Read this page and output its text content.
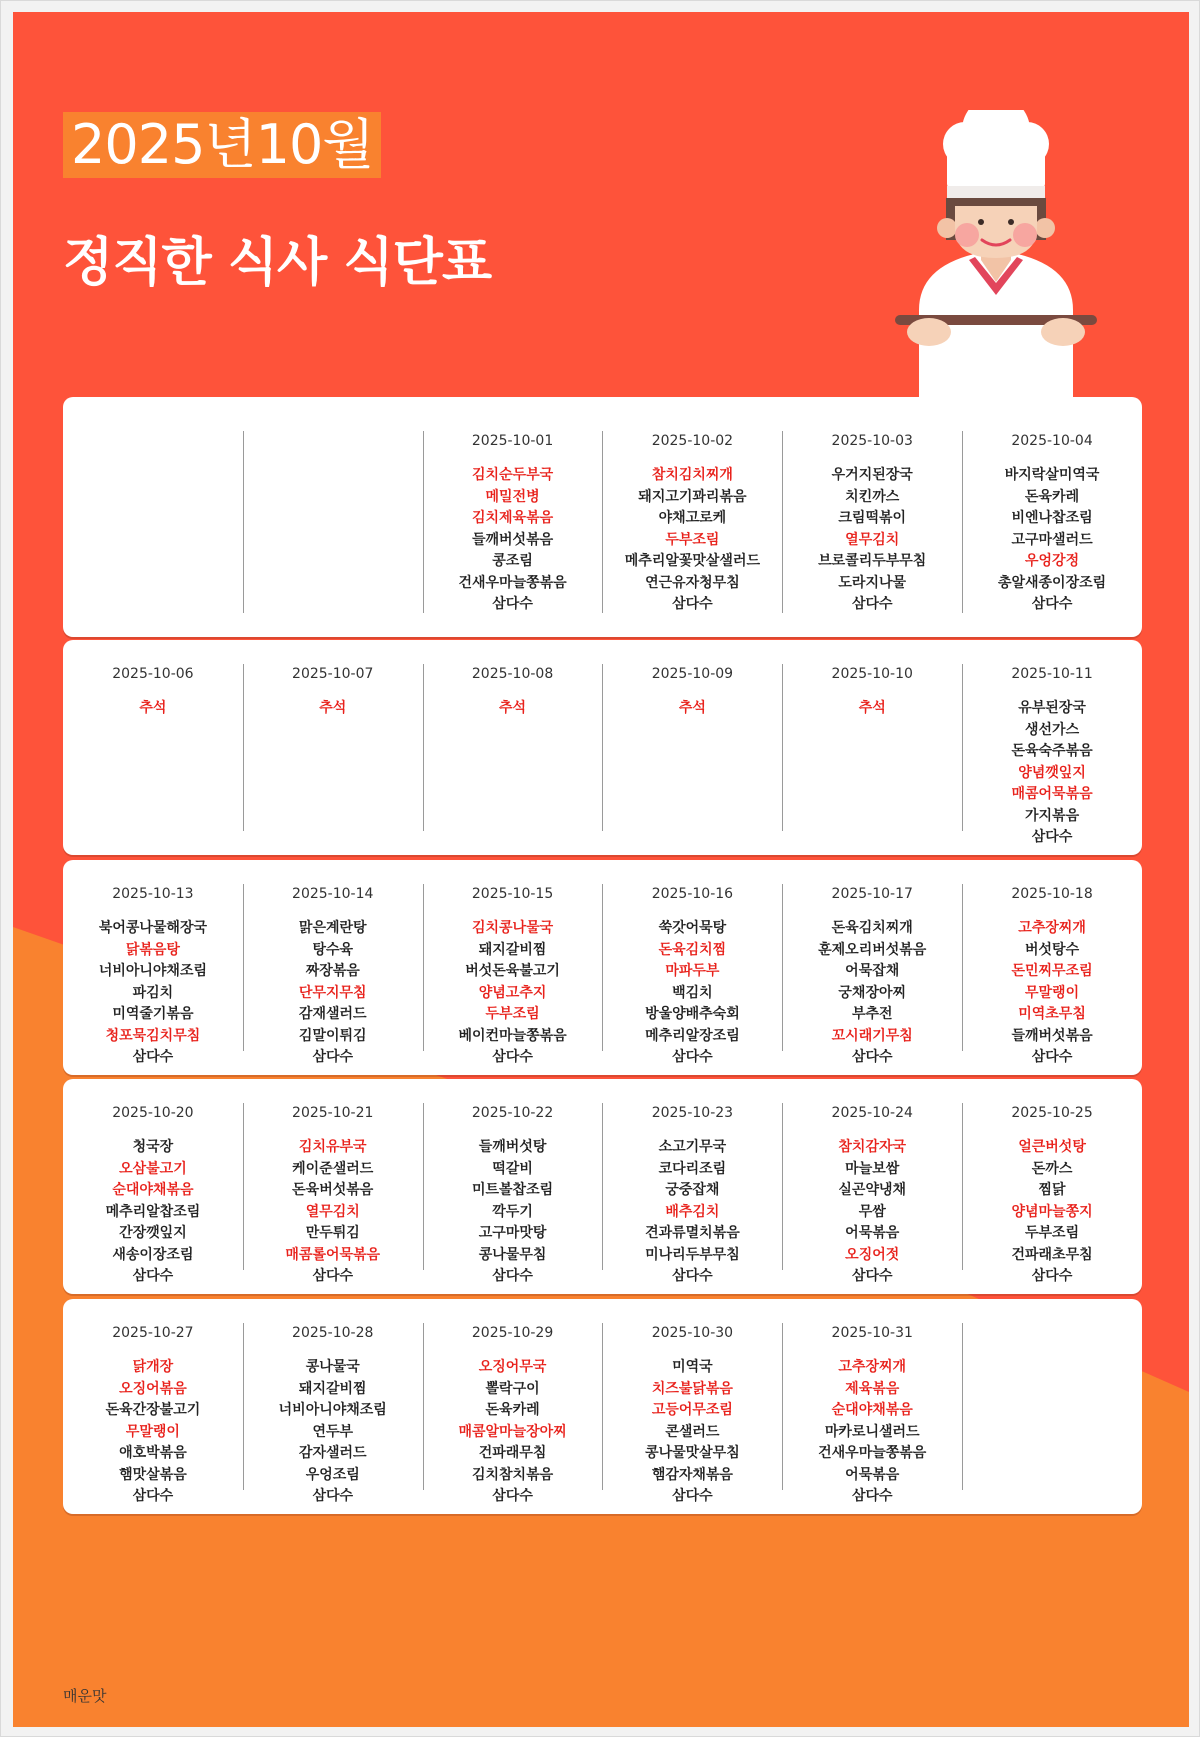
2025년10월
정직한 식사 식단표
2025-10-01
김치순두부국
메밀전병
김치제육볶음
들깨버섯볶음
콩조림
건새우마늘쫑볶음
삼다수
2025-10-02
참치김치찌개
돼지고기꽈리볶음
야채고로케
두부조림
메추리알꽃맛살샐러드
연근유자청무침
삼다수
2025-10-03
우거지된장국
치킨까스
크림떡볶이
열무김치
브로콜리두부무침
도라지나물
삼다수
2025-10-04
바지락살미역국
돈육카레
비엔나찹조림
고구마샐러드
우엉강정
총알새종이장조림
삼다수
2025-10-06
추석
2025-10-07
추석
2025-10-08
추석
2025-10-09
추석
2025-10-10
추석
2025-10-11
유부된장국
생선가스
돈육숙주볶음
양념깻잎지
매콤어묵볶음
가지볶음
삼다수
2025-10-13
북어콩나물해장국
닭볶음탕
너비아니야채조림
파김치
미역줄기볶음
청포묵김치무침
삼다수
2025-10-14
맑은계란탕
탕수육
짜장볶음
단무지무침
감재샐러드
김말이튀김
삼다수
2025-10-15
김치콩나물국
돼지갈비찜
버섯돈육불고기
양념고추지
두부조림
베이컨마늘쫑볶음
삼다수
2025-10-16
쑥갓어묵탕
돈육김치찜
마파두부
백김치
방울양배추숙회
메추리알장조림
삼다수
2025-10-17
돈육김치찌개
훈제오리버섯볶음
어묵잡채
궁채장아찌
부추전
꼬시래기무침
삼다수
2025-10-18
고추장찌개
버섯탕수
돈민찌무조림
무말랭이
미역초무침
들깨버섯볶음
삼다수
2025-10-20
청국장
오삼불고기
순대야채볶음
메추리알찹조림
간장깻잎지
새송이장조림
삼다수
2025-10-21
김치유부국
케이준샐러드
돈육버섯볶음
열무김치
만두튀김
매콤롤어묵볶음
삼다수
2025-10-22
들깨버섯탕
떡갈비
미트볼찹조림
깍두기
고구마맛탕
콩나물무침
삼다수
2025-10-23
소고기무국
코다리조림
궁중잡채
배추김치
견과류멸치볶음
미나리두부무침
삼다수
2025-10-24
참치감자국
마늘보쌈
실곤약냉채
무쌈
어묵볶음
오징어젓
삼다수
2025-10-25
얼큰버섯탕
돈까스
찜닭
양념마늘쫑지
두부조림
건파래초무침
삼다수
2025-10-27
닭개장
오징어볶음
돈육간장불고기
무말랭이
애호박볶음
햄맛살볶음
삼다수
2025-10-28
콩나물국
돼지갈비찜
너비아니야채조림
연두부
감자샐러드
우엉조림
삼다수
2025-10-29
오징어무국
뽈락구이
돈육카레
매콤알마늘장아찌
건파래무침
김치참치볶음
삼다수
2025-10-30
미역국
치즈불닭볶음
고등어무조림
콘샐러드
콩나물맛살무침
햄감자채볶음
삼다수
2025-10-31
고추장찌개
제육볶음
순대야채볶음
마카로니샐러드
건새우마늘쫑볶음
어묵볶음
삼다수
매운맛
